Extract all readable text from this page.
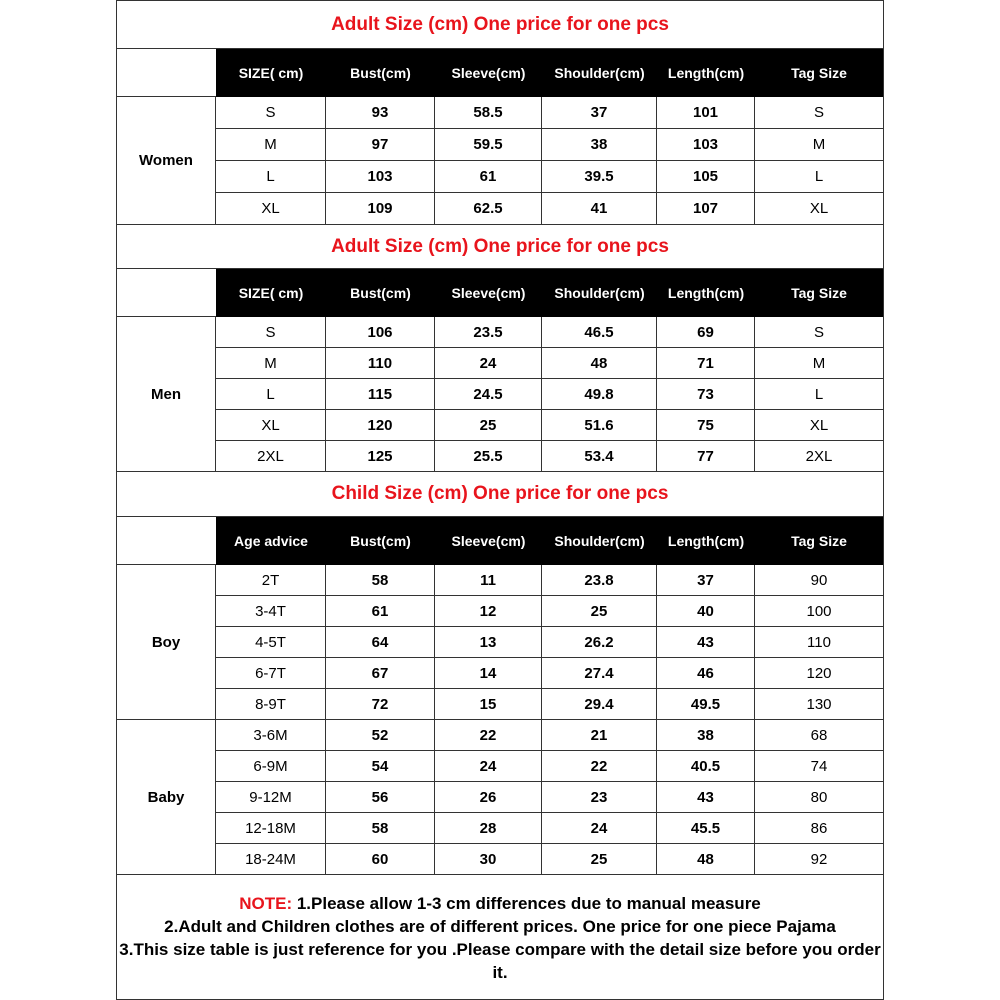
NOTE: 1.Please allow 1-3 cm differences due to manual measure
2.Adult and Children clothes are of different prices. One price for one piece Pajama
3.This size table is just reference for you .Please compare with the detail size before you order it.
Adult Size (cm) One price for one pcs
SIZE( cm)	Bust(cm)	Sleeve(cm)	Shoulder(cm)	Length(cm)	Tag Size
Women
S	93	58.5	37	101	S
M	97	59.5	38	103	M
L	103	61	39.5	105	L
XL	109	62.5	41	107	XL
Adult Size (cm) One price for one pcs
SIZE( cm)	Bust(cm)	Sleeve(cm)	Shoulder(cm)	Length(cm)	Tag Size
Men
S	106	23.5	46.5	69	S
M	110	24	48	71	M
L	115	24.5	49.8	73	L
XL	120	25	51.6	75	XL
2XL	125	25.5	53.4	77	2XL
Child Size (cm) One price for one pcs
Age advice	Bust(cm)	Sleeve(cm)	Shoulder(cm)	Length(cm)	Tag Size
Boy
2T	58	11	23.8	37	90
3-4T	61	12	25	40	100
4-5T	64	13	26.2	43	110
6-7T	67	14	27.4	46	120
8-9T	72	15	29.4	49.5	130
Baby
3-6M	52	22	21	38	68
6-9M	54	24	22	40.5	74
9-12M	56	26	23	43	80
12-18M	58	28	24	45.5	86
18-24M	60	30	25	48	92
